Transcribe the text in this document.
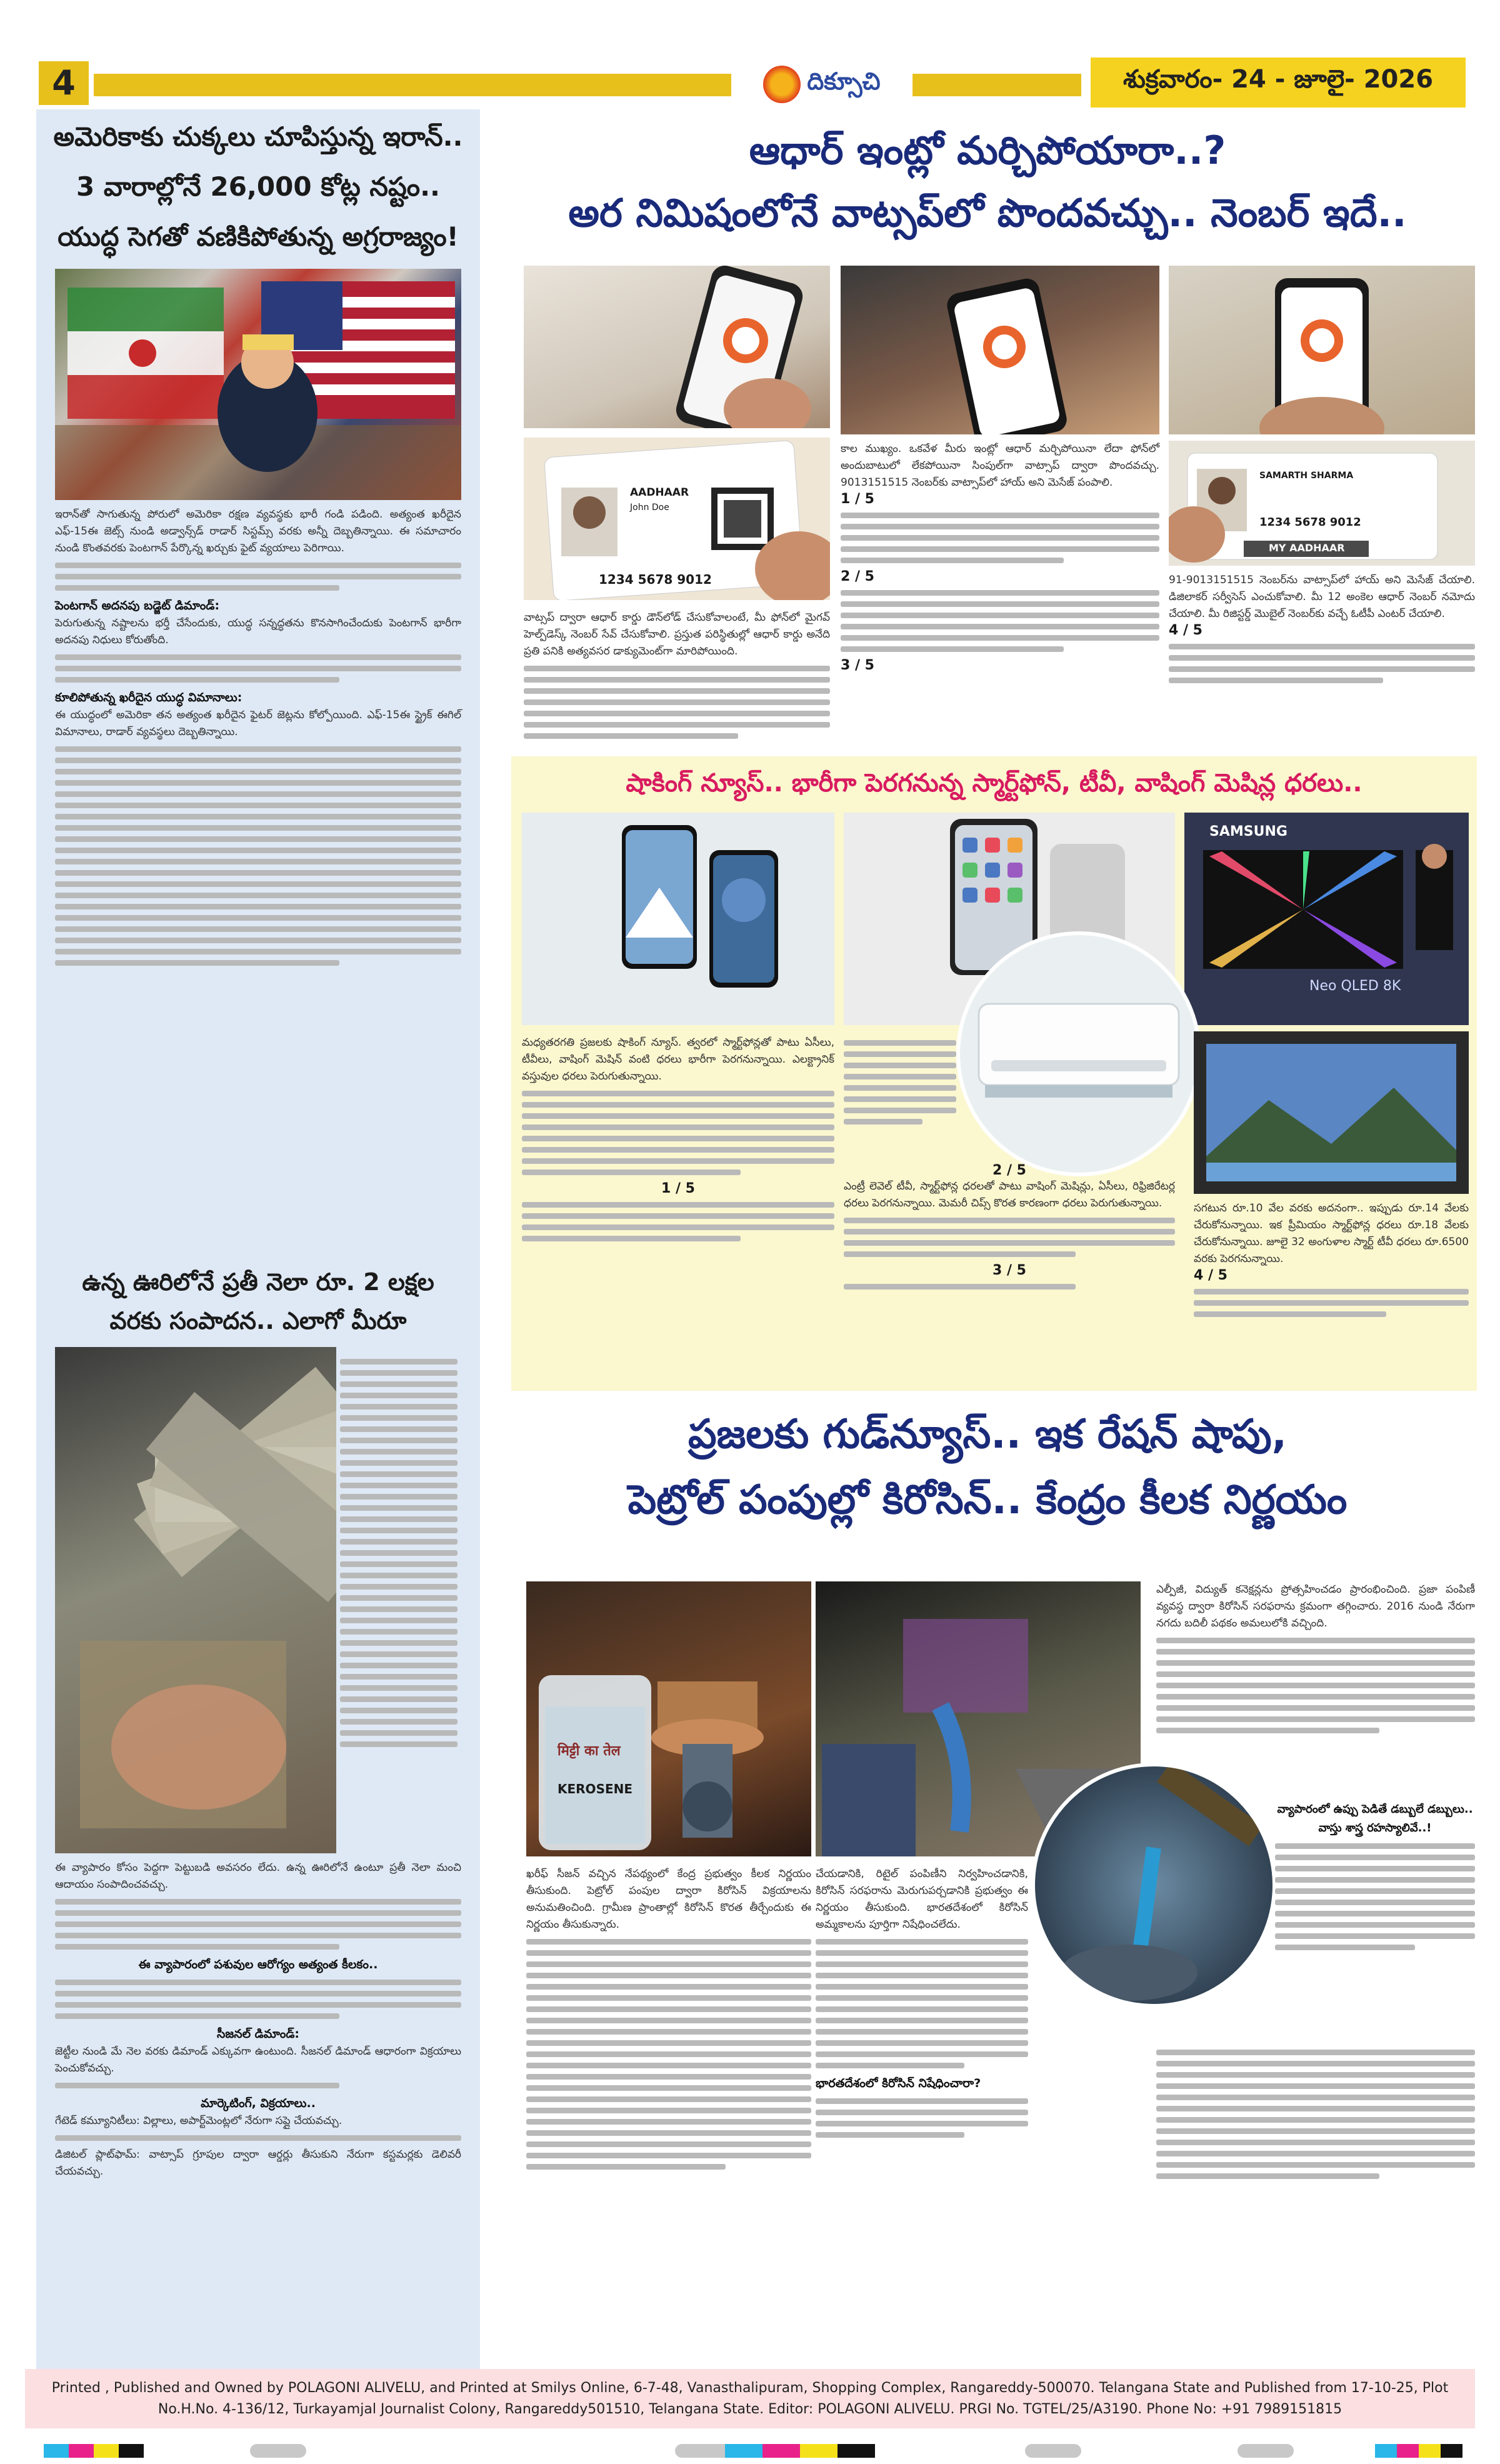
4	దిక్సూచి	శుక్రవారం- 24 - జూలై- 2026
అమెరికాకు చుక్కలు చూపిస్తున్న ఇరాన్.. 3 వారాల్లోనే 26,000 కోట్ల నష్టం.. యుద్ధ సెగతో వణికిపోతున్న అగ్రరాజ్యం!
ఇరాన్‌తో సాగుతున్న పోరులో అమెరికా రక్షణ వ్యవస్థకు భారీ గండి పడింది. అత్యంత ఖరీదైన ఎఫ్-15ఈ జెట్స్ నుండి అడ్వాన్స్‌డ్ రాడార్ సిస్టమ్స్ వరకు అన్నీ దెబ్బతిన్నాయి. ఈ సమాచారం నుండి కొంతవరకు పెంటగాన్ పేర్కొన్న ఖర్చుకు ఫైట్ వ్యయాలు పెరిగాయి.
పెంటగాన్ అదనపు బడ్జెట్ డిమాండ్:
పెరుగుతున్న నష్టాలను భర్తీ చేసేందుకు, యుద్ధ సన్నద్ధతను కొనసాగించేందుకు పెంటగాన్ భారీగా అదనపు నిధులు కోరుతోంది.
కూలిపోతున్న ఖరీదైన యుద్ధ విమానాలు:
ఈ యుద్ధంలో అమెరికా తన అత్యంత ఖరీదైన ఫైటర్ జెట్లను కోల్పోయింది. ఎఫ్-15ఈ స్ట్రైక్ ఈగిల్ విమానాలు, రాడార్ వ్యవస్థలు దెబ్బతిన్నాయి.
ఉన్న ఊరిలోనే ప్రతీ నెలా రూ. 2 లక్షల వరకు సంపాదన.. ఎలాగో మీరూ
ఈ వ్యాపారం కోసం పెద్దగా పెట్టుబడి అవసరం లేదు. ఉన్న ఊరిలోనే ఉంటూ ప్రతీ నెలా మంచి ఆదాయం సంపాదించవచ్చు.
ఈ వ్యాపారంలో పశువుల ఆరోగ్యం అత్యంత కీలకం..
సీజనల్ డిమాండ్:
జెట్టీల నుండి మే నెల వరకు డిమాండ్ ఎక్కువగా ఉంటుంది. సీజనల్ డిమాండ్ ఆధారంగా విక్రయాలు పెంచుకోవచ్చు.
మార్కెటింగ్, విక్రయాలు..
గేటెడ్ కమ్యూనిటీలు: విల్లాలు, అపార్ట్‌మెంట్లలో నేరుగా సప్లై చేయవచ్చు.
డిజిటల్ ప్లాట్‌ఫామ్: వాట్సాప్ గ్రూపుల ద్వారా ఆర్డర్లు తీసుకుని నేరుగా కస్టమర్లకు డెలివరీ చేయవచ్చు.
ఆధార్ ఇంట్లో మర్చిపోయారా..?
అర నిమిషంలోనే వాట్సప్‌లో పొందవచ్చు.. నెంబర్ ఇదే..
AADHAAR
John Doe
1234 5678 9012
వాట్సప్ ద్వారా ఆధార్ కార్డు డౌన్‌లోడ్ చేసుకోవాలంటే, మీ ఫోన్‌లో మైగవ్ హెల్ప్‌డెస్క్ నెంబర్ సేవ్ చేసుకోవాలి. ప్రస్తుత పరిస్థితుల్లో ఆధార్ కార్డు అనేది ప్రతి పనికి అత్యవసర డాక్యుమెంట్‌గా మారిపోయింది.
కాల ముఖ్యం. ఒకవేళ మీరు ఇంట్లో ఆధార్ మర్చిపోయినా లేదా ఫోన్‌లో అందుబాటులో లేకపోయినా సింపుల్‌గా వాట్సాప్ ద్వారా పొందవచ్చు. 9013151515 నెంబర్‌కు వాట్సాప్‌లో హాయ్ అని మెసేజ్ పంపాలి.
1 / 5
2 / 5
3 / 5
SAMARTH SHARMA
1234 5678 9012
MY AADHAAR
91-9013151515 నెంబర్‌ను వాట్సాప్‌లో హాయ్ అని మెసేజ్ చేయాలి. డిజిలాకర్ సర్వీసెస్ ఎంచుకోవాలి. మీ 12 అంకెల ఆధార్ నెంబర్ నమోదు చేయాలి. మీ రిజిస్టర్డ్ మొబైల్ నెంబర్‌కు వచ్చే ఓటీపీ ఎంటర్ చేయాలి.
4 / 5
షాకింగ్ న్యూస్.. భారీగా పెరగనున్న స్మార్ట్‌ఫోన్, టీవీ, వాషింగ్ మెషిన్ల ధరలు..
SAMSUNG
Neo QLED 8K
మధ్యతరగతి ప్రజలకు షాకింగ్ న్యూస్. త్వరలో స్మార్ట్‌ఫోన్లతో పాటు ఏసీలు, టీవీలు, వాషింగ్ మెషిన్ వంటి ధరలు భారీగా పెరగనున్నాయి. ఎలక్ట్రానిక్ వస్తువుల ధరలు పెరుగుతున్నాయి.
1 / 5
2 / 5
ఎంట్రీ లెవెల్ టీవీ, స్మార్ట్‌ఫోన్ల ధరలతో పాటు వాషింగ్ మెషిన్లు, ఏసీలు, రిఫ్రిజిరేటర్ల ధరలు పెరగనున్నాయి. మెమరీ చిప్స్ కొరత కారణంగా ధరలు పెరుగుతున్నాయి.
3 / 5
సగటున రూ.10 వేల వరకు అదనంగా.. ఇప్పుడు రూ.14 వేలకు చేరుకోనున్నాయి. ఇక ప్రీమియం స్మార్ట్‌ఫోన్ల ధరలు రూ.18 వేలకు చేరుకోనున్నాయి. జూలై 32 అంగుళాల స్మార్ట్ టీవీ ధరలు రూ.6500 వరకు పెరగనున్నాయి.
4 / 5
ప్రజలకు గుడ్‌న్యూస్.. ఇక రేషన్ షాపు,
పెట్రోల్ పంపుల్లో కిరోసిన్.. కేంద్రం కీలక నిర్ణయం
मिट्टी का तेल
KEROSENE
ఖరీఫ్ సీజన్ వచ్చిన నేపథ్యంలో కేంద్ర ప్రభుత్వం కీలక నిర్ణయం తీసుకుంది. పెట్రోల్ పంపుల ద్వారా కిరోసిన్ విక్రయాలను అనుమతించింది. గ్రామీణ ప్రాంతాల్లో కిరోసిన్ కొరత తీర్చేందుకు ఈ నిర్ణయం తీసుకున్నారు.
చేయడానికి, రిటైల్ పంపిణీని నిర్వహించడానికి, కిరోసిన్ సరఫరాను మెరుగుపర్చడానికి ప్రభుత్వం ఈ నిర్ణయం తీసుకుంది. భారతదేశంలో కిరోసిన్ అమ్మకాలను పూర్తిగా నిషేధించలేదు.
భారతదేశంలో కిరోసిన్ నిషేధించారా?
ఎల్పీజీ, విద్యుత్ కనెక్షన్లను ప్రోత్సహించడం ప్రారంభించింది. ప్రజా పంపిణీ వ్యవస్థ ద్వారా కిరోసిన్ సరఫరాను క్రమంగా తగ్గించారు. 2016 నుండి నేరుగా నగదు బదిలీ పథకం అమలులోకి వచ్చింది.
వ్యాపారంలో ఉప్పు పెడితే డబ్బులే డబ్బులు.. వాస్తు శాస్త్ర రహస్యాలివే..!
Printed , Published and Owned by POLAGONI ALIVELU, and Printed at Smilys Online, 6-7-48, Vanasthalipuram, Shopping Complex, Rangareddy-500070. Telangana State and Published from 17-10-25, Plot
No.H.No. 4-136/12, Turkayamjal Journalist Colony, Rangareddy501510, Telangana State. Editor: POLAGONI ALIVELU. PRGI No. TGTEL/25/A3190. Phone No: +91 7989151815
